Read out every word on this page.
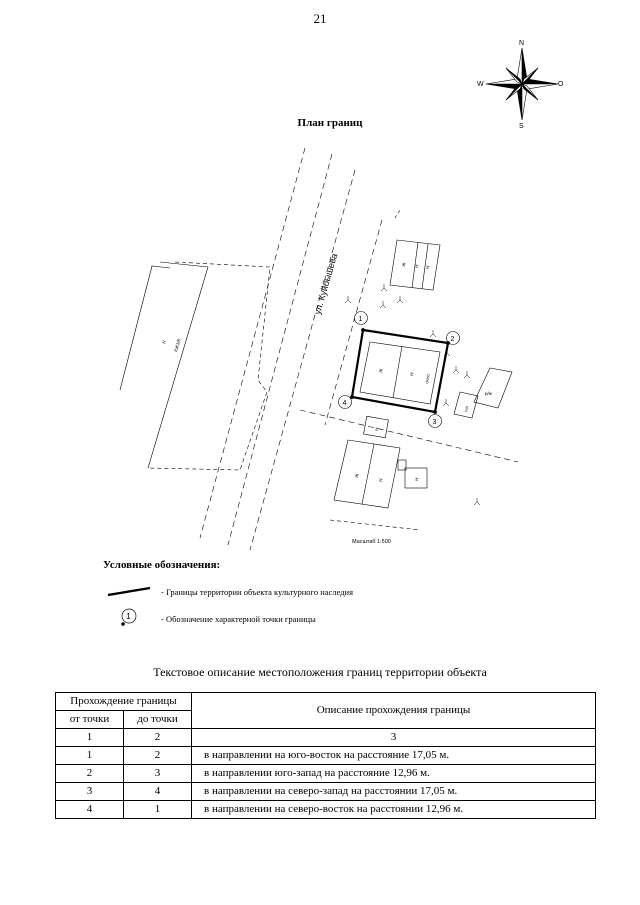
21
N
S
W	O
План границ
ул. Куйбышева
Масштаб 1:500
1
2
3
4
Н КЖ1/6
Ж
Н	ОКН/2
Ж Н Н
Ж
Н
Н
Н
р/ж
Н/Н
Условные обозначения:
- Границы территории объекта культурного наследия
1	- Обозначение характерной точки границы
Текстовое описание местоположения границ территории объекта
Прохождение границы		Описание прохождения границы
от точки	до точки	
1	2	3
1	2	в направлении на юго-восток на расстояние 17,05 м.
2	3	в направлении юго-запад на расстояние 12,96 м.
3	4	в направлении на северо-запад на расстоянии 17,05 м.
4	1	в направлении на северо-восток на расстоянии 12,96 м.
